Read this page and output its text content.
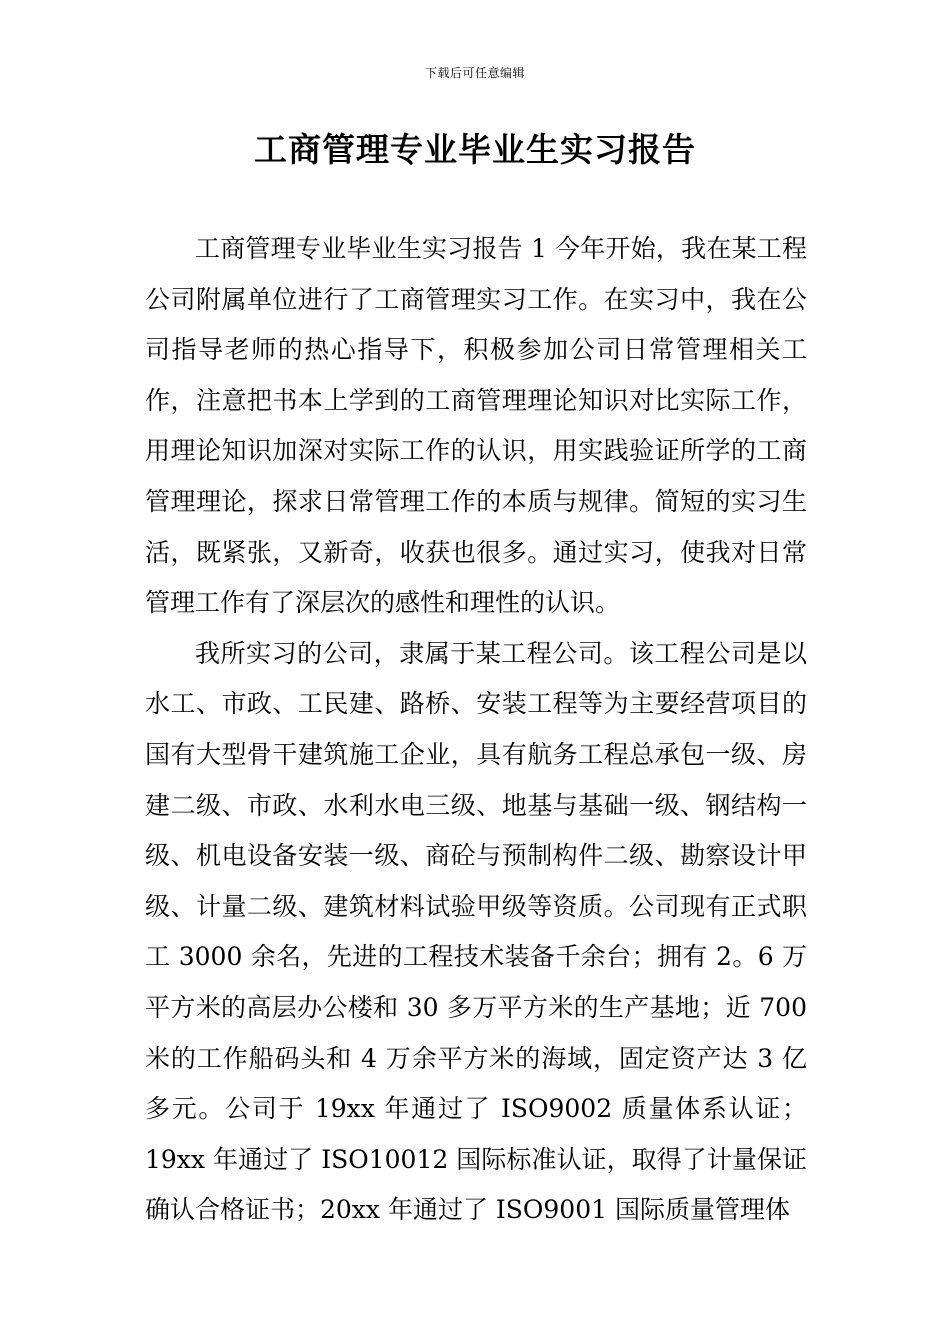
下载后可任意编辑
工商管理专业毕业生实习报告

工商管理专业毕业生实习报告 1 今年开始，我在某工程公司附属单位进行了工商管理实习工作。在实习中，我在公司指导老师的热心指导下，积极参加公司日常管理相关工作，注意把书本上学到的工商管理理论知识对比实际工作，用理论知识加深对实际工作的认识，用实践验证所学的工商管理理论，探求日常管理工作的本质与规律。简短的实习生活，既紧张，又新奇，收获也很多。通过实习，使我对日常管理工作有了深层次的感性和理性的认识。

我所实习的公司，隶属于某工程公司。该工程公司是以水工、市政、工民建、路桥、安装工程等为主要经营项目的国有大型骨干建筑施工企业，具有航务工程总承包一级、房建二级、市政、水利水电三级、地基与基础一级、钢结构一级、机电设备安装一级、商砼与预制构件二级、勘察设计甲级、计量二级、建筑材料试验甲级等资质。公司现有正式职工 3000 余名，先进的工程技术装备千余台；拥有 2。6 万平方米的高层办公楼和 30 多万平方米的生产基地；近 700 米的工作船码头和 4 万余平方米的海域，固定资产达 3 亿多元。公司于 19xx 年通过了 ISO9002 质量体系认证；19xx 年通过了 ISO10012 国际标准认证，取得了计量保证确认合格证书；20xx 年通过了 ISO9001 国际质量管理体
